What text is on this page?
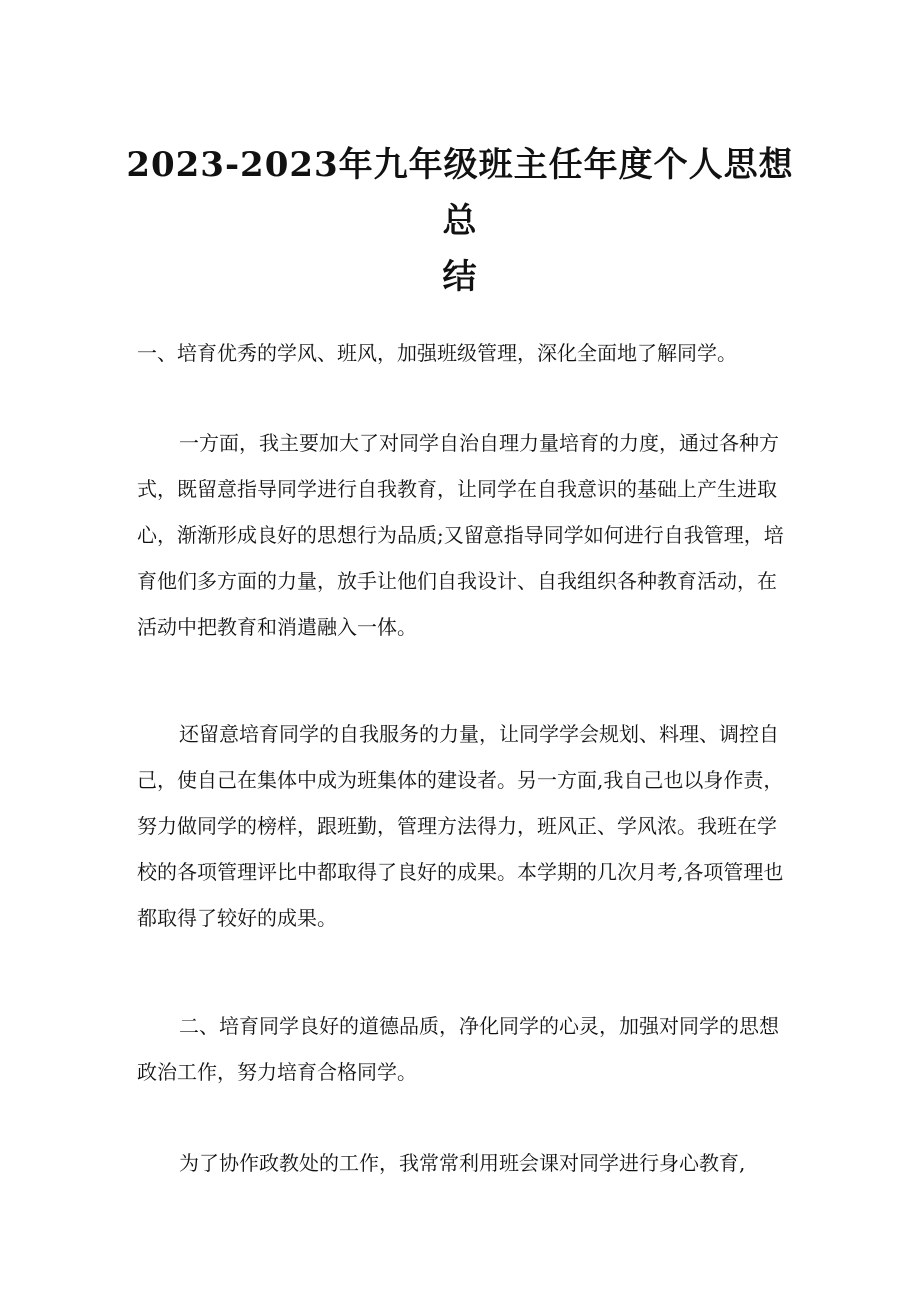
2023-2023年九年级班主任年度个人思想总
结

一、培育优秀的学风、班风，加强班级管理，深化全面地了解同学。

一方面，我主要加大了对同学自治自理力量培育的力度，通过各种方
式，既留意指导同学进行自我教育，让同学在自我意识的基础上产生进取
心，渐渐形成良好的思想行为品质;又留意指导同学如何进行自我管理，培
育他们多方面的力量，放手让他们自我设计、自我组织各种教育活动，在
活动中把教育和消遣融入一体。

还留意培育同学的自我服务的力量，让同学学会规划、料理、调控自
己，使自己在集体中成为班集体的建设者。另一方面,我自己也以身作责，
努力做同学的榜样，跟班勤，管理方法得力，班风正、学风浓。我班在学
校的各项管理评比中都取得了良好的成果。本学期的几次月考,各项管理也
都取得了较好的成果。

二、培育同学良好的道德品质，净化同学的心灵，加强对同学的思想
政治工作，努力培育合格同学。

为了协作政教处的工作，我常常利用班会课对同学进行身心教育,
